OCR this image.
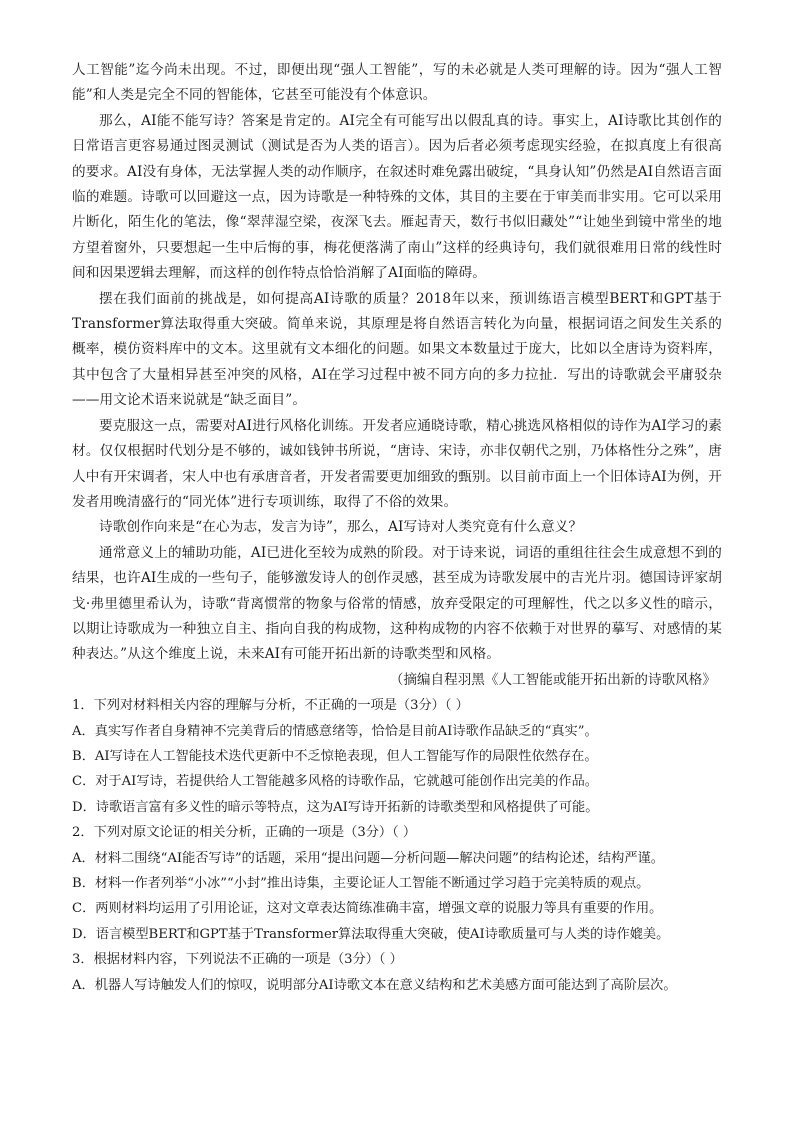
人工智能”迄今尚未出现。不过，即便出现“强人工智能”，写的未必就是人类可理解的诗。因为“强人工智能”和人类是完全不同的智能体，它甚至可能没有个体意识。

那么，AI能不能写诗？答案是肯定的。AI完全有可能写出以假乱真的诗。事实上，AI诗歌比其创作的日常语言更容易通过图灵测试（测试是否为人类的语言）。因为后者必须考虑现实经验，在拟真度上有很高的要求。AI没有身体，无法掌握人类的动作顺序，在叙述时难免露出破绽，“具身认知”仍然是AI自然语言面临的难题。诗歌可以回避这一点，因为诗歌是一种特殊的文体，其目的主要在于审美而非实用。它可以采用片断化，陌生化的笔法，像“翠萍湿空梁，夜深飞去。雁起青天，数行书似旧藏处”“让她坐到镜中常坐的地方望着窗外，只要想起一生中后悔的事，梅花便落满了南山”这样的经典诗句，我们就很难用日常的线性时间和因果逻辑去理解，而这样的创作特点恰恰消解了AI面临的障碍。

摆在我们面前的挑战是，如何提高AI诗歌的质量？2018年以来，预训练语言模型BERT和GPT基于Transformer算法取得重大突破。简单来说，其原理是将自然语言转化为向量，根据词语之间发生关系的概率，模仿资料库中的文本。这里就有文本细化的问题。如果文本数量过于庞大，比如以全唐诗为资料库，其中包含了大量相异甚至冲突的风格，AI在学习过程中被不同方向的多力拉扯．写出的诗歌就会平庸驳杂——用文论术语来说就是“缺乏面目”。

要克服这一点，需要对AI进行风格化训练。开发者应通晓诗歌，精心挑选风格相似的诗作为AI学习的素材。仅仅根据时代划分是不够的，诚如钱钟书所说，“唐诗、宋诗，亦非仅朝代之别，乃体格性分之殊”，唐人中有开宋调者，宋人中也有承唐音者，开发者需要更加细致的甄别。以目前市面上一个旧体诗AI为例，开发者用晚清盛行的“同光体”进行专项训练，取得了不俗的效果。

诗歌创作向来是“在心为志，发言为诗”，那么，AI写诗对人类究竟有什么意义？

通常意义上的辅助功能，AI已进化至较为成熟的阶段。对于诗来说，词语的重组往往会生成意想不到的结果，也许AI生成的一些句子，能够激发诗人的创作灵感，甚至成为诗歌发展中的吉光片羽。德国诗评家胡戈·弗里德里希认为，诗歌“背离惯常的物象与俗常的情感，放弃受限定的可理解性，代之以多义性的暗示，以期让诗歌成为一种独立自主、指向自我的构成物，这种构成物的内容不依赖于对世界的摹写、对感情的某种表达。”从这个维度上说，未来AI有可能开拓出新的诗歌类型和风格。

（摘编自程羽黑《人工智能或能开拓出新的诗歌风格》

1．下列对材料相关内容的理解与分析，不正确的一项是（3分）（ ）

A．真实写作者自身精神不完美背后的情感意绪等，恰恰是目前AI诗歌作品缺乏的“真实”。

B．AI写诗在人工智能技术迭代更新中不乏惊艳表现，但人工智能写作的局限性依然存在。

C．对于AI写诗，若提供给人工智能越多风格的诗歌作品，它就越可能创作出完美的作品。

D．诗歌语言富有多义性的暗示等特点，这为AI写诗开拓新的诗歌类型和风格提供了可能。

2．下列对原文论证的相关分析，正确的一项是（3分）（ ）

A．材料二围绕“AI能否写诗”的话题，采用“提出问题—分析问题—解决问题”的结构论述，结构严谨。

B．材料一作者列举“小冰”“小封”推出诗集，主要论证人工智能不断通过学习趋于完美特质的观点。

C．两则材料均运用了引用论证，这对文章表达简练准确丰富，增强文章的说服力等具有重要的作用。

D．语言模型BERT和GPT基于Transformer算法取得重大突破，使AI诗歌质量可与人类的诗作媲美。

3．根据材料内容，下列说法不正确的一项是（3分）（ ）

A．机器人写诗触发人们的惊叹，说明部分AI诗歌文本在意义结构和艺术美感方面可能达到了高阶层次。
